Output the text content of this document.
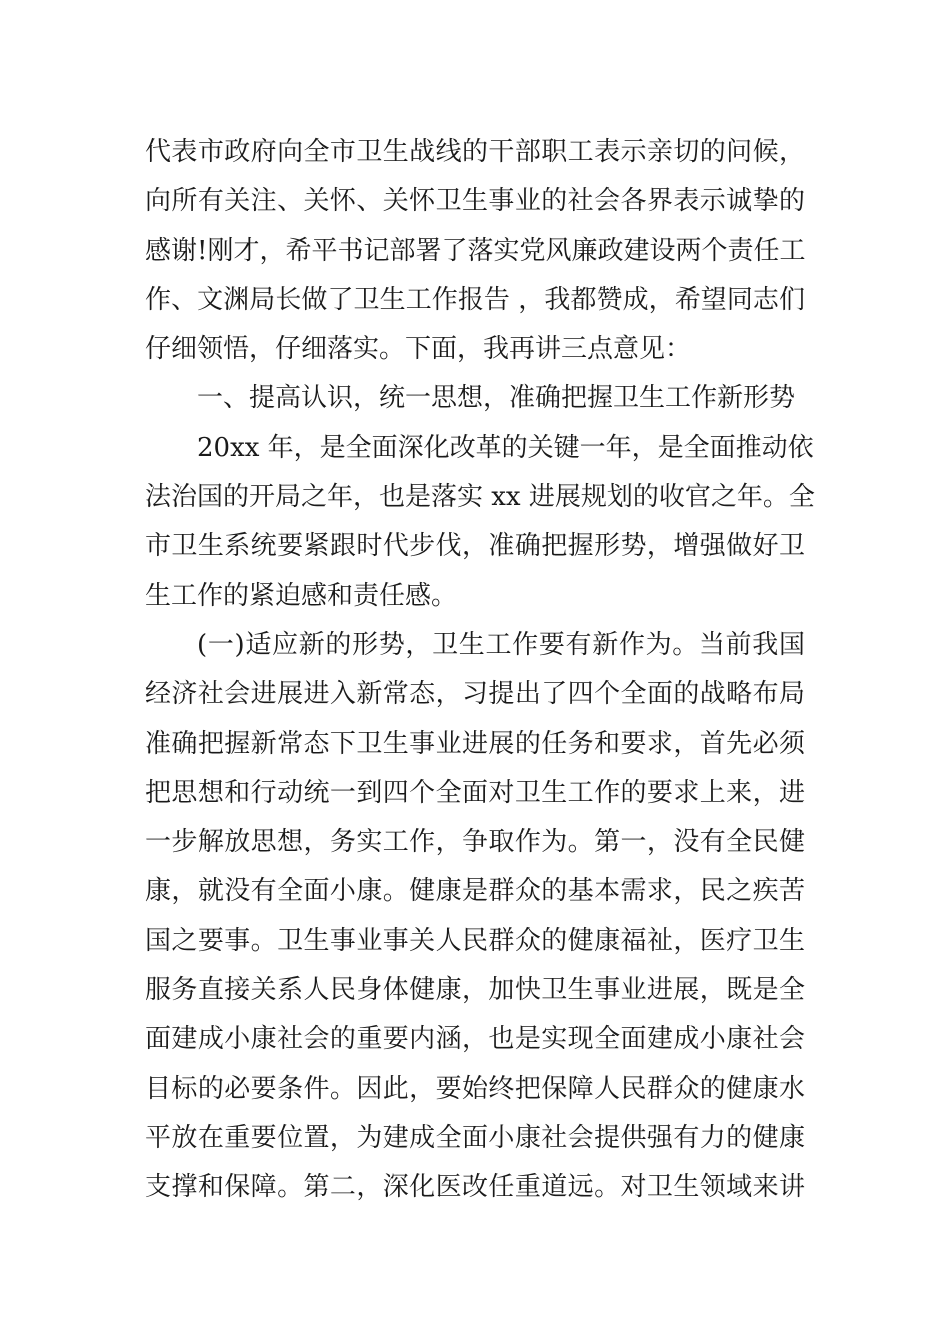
代表市政府向全市卫生战线的干部职工表示亲切的问候，
向所有关注、关怀、关怀卫生事业的社会各界表示诚挚的
感谢!刚才，希平书记部署了落实党风廉政建设两个责任工
作、文渊局长做了卫生工作报告 ，我都赞成，希望同志们
仔细领悟，仔细落实。下面，我再讲三点意见：
一、提高认识，统一思想，准确把握卫生工作新形势
20xx 年，是全面深化改革的关键一年，是全面推动依
法治国的开局之年，也是落实 xx 进展规划的收官之年。全
市卫生系统要紧跟时代步伐，准确把握形势，增强做好卫
生工作的紧迫感和责任感。
(一)适应新的形势，卫生工作要有新作为。当前我国
经济社会进展进入新常态，习提出了四个全面的战略布局
准确把握新常态下卫生事业进展的任务和要求，首先必须
把思想和行动统一到四个全面对卫生工作的要求上来，进
一步解放思想，务实工作，争取作为。第一，没有全民健
康，就没有全面小康。健康是群众的基本需求，民之疾苦
国之要事。卫生事业事关人民群众的健康福祉，医疗卫生
服务直接关系人民身体健康，加快卫生事业进展，既是全
面建成小康社会的重要内涵，也是实现全面建成小康社会
目标的必要条件。因此，要始终把保障人民群众的健康水
平放在重要位置，为建成全面小康社会提供强有力的健康
支撑和保障。第二，深化医改任重道远。对卫生领域来讲
